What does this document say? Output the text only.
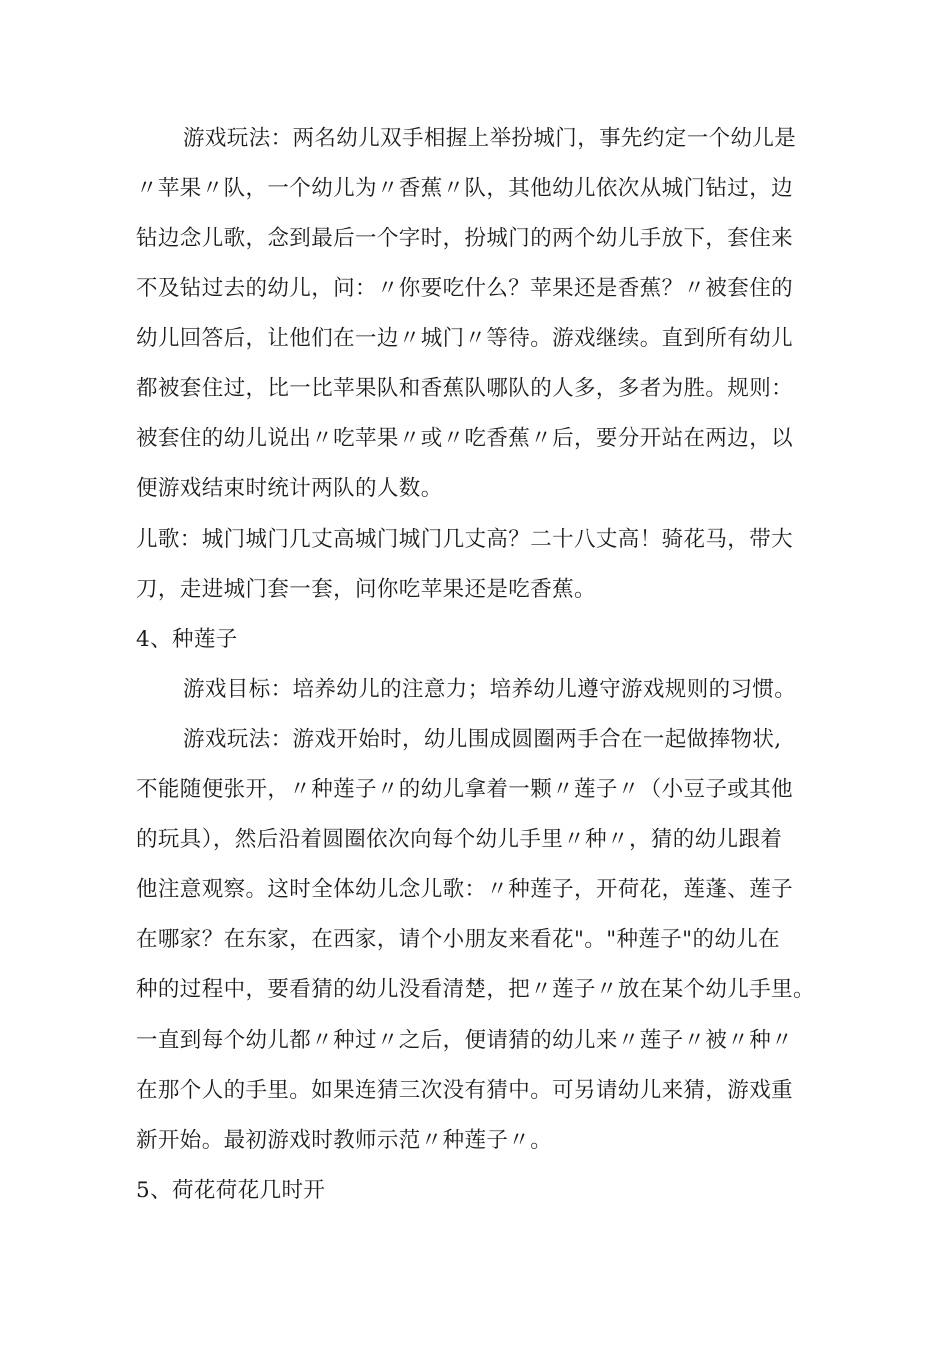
游戏玩法：两名幼儿双手相握上举扮城门，事先约定一个幼儿是
〃苹果〃队，一个幼儿为〃香蕉〃队，其他幼儿依次从城门钻过，边
钻边念儿歌，念到最后一个字时，扮城门的两个幼儿手放下，套住来
不及钻过去的幼儿，问：〃你要吃什么？苹果还是香蕉？〃被套住的
幼儿回答后，让他们在一边〃城门〃等待。游戏继续。直到所有幼儿
都被套住过，比一比苹果队和香蕉队哪队的人多，多者为胜。规则：
被套住的幼儿说出〃吃苹果〃或〃吃香蕉〃后，要分开站在两边，以
便游戏结束时统计两队的人数。
儿歌：城门城门几丈高城门城门几丈高？二十八丈高！骑花马，带大
刀，走进城门套一套，问你吃苹果还是吃香蕉。
4、种莲子
游戏目标：培养幼儿的注意力；培养幼儿遵守游戏规则的习惯。
游戏玩法：游戏开始时，幼儿围成圆圈两手合在一起做捧物状,
不能随便张开，〃种莲子〃的幼儿拿着一颗〃莲子〃（小豆子或其他
的玩具），然后沿着圆圈依次向每个幼儿手里〃种〃，猜的幼儿跟着
他注意观察。这时全体幼儿念儿歌：〃种莲子，开荷花，莲蓬、莲子
在哪家？在东家，在西家，请个小朋友来看花"。"种莲子"的幼儿在
种的过程中，要看猜的幼儿没看清楚，把〃莲子〃放在某个幼儿手里。
一直到每个幼儿都〃种过〃之后，便请猜的幼儿来〃莲子〃被〃种〃
在那个人的手里。如果连猜三次没有猜中。可另请幼儿来猜，游戏重
新开始。最初游戏时教师示范〃种莲子〃。
5、荷花荷花几时开
